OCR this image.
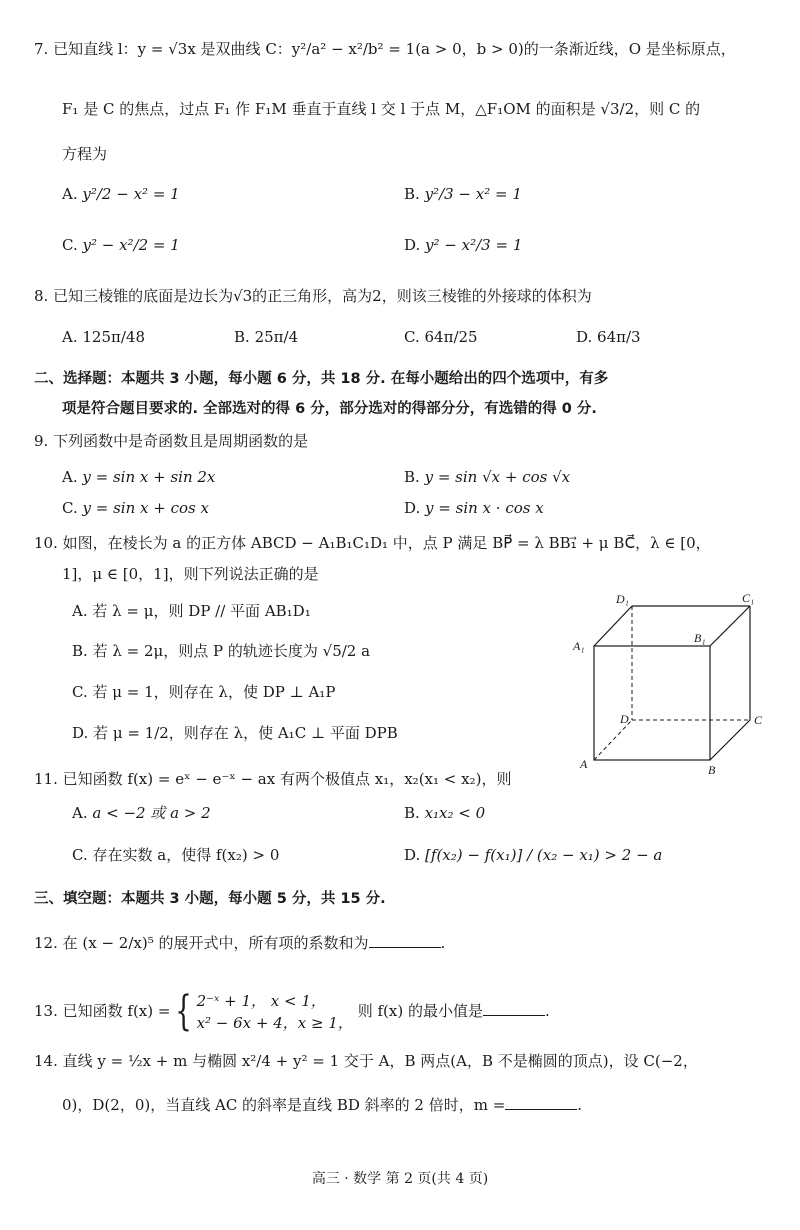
7. 已知直线 l：y = √3x 是双曲线 C：y²/a² − x²/b² = 1(a > 0，b > 0)的一条渐近线，O 是坐标原点，
F₁ 是 C 的焦点，过点 F₁ 作 F₁M 垂直于直线 l 交 l 于点 M，△F₁OM 的面积是 √3/2，则 C 的
方程为
A. y²/2 − x² = 1	B. y²/3 − x² = 1
C. y² − x²/2 = 1	D. y² − x²/3 = 1
8. 已知三棱锥的底面是边长为√3的正三角形，高为2，则该三棱锥的外接球的体积为
A. 125π/48	B. 25π/4	C. 64π/25	D. 64π/3
二、选择题：本题共 3 小题，每小题 6 分，共 18 分. 在每小题给出的四个选项中，有多
项是符合题目要求的. 全部选对的得 6 分，部分选对的得部分分，有选错的得 0 分.
9. 下列函数中是奇函数且是周期函数的是
A. y = sin x + sin 2x	B. y = sin √x + cos √x
C. y = sin x + cos x	D. y = sin x · cos x
10. 如图，在棱长为 a 的正方体 ABCD − A₁B₁C₁D₁ 中，点 P 满足 BP⃗ = λ BB₁⃗ + μ BC⃗，λ ∈ [0，
1]，μ ∈ [0，1]，则下列说法正确的是
A. 若 λ = μ，则 DP // 平面 AB₁D₁
B. 若 λ = 2μ，则点 P 的轨迹长度为 √5/2 a
C. 若 μ = 1，则存在 λ，使 DP ⊥ A₁P
D. 若 μ = 1/2，则存在 λ，使 A₁C ⊥ 平面 DPB
D₁	C₁
A₁
B₁
D	C
A	B
11. 已知函数 f(x) = eˣ − e⁻ˣ − ax 有两个极值点 x₁，x₂(x₁ < x₂)，则
A. a < −2 或 a > 2	B. x₁x₂ < 0
C. 存在实数 a，使得 f(x₂) > 0	D. [f(x₂) − f(x₁)] / (x₂ − x₁) > 2 − a
三、填空题：本题共 3 小题，每小题 5 分，共 15 分.
12. 在 (x − 2/x)⁵ 的展开式中，所有项的系数和为	.
13. 已知函数 f(x) = { 2⁻ˣ + 1， x < 1，
x² − 6x + 4，x ≥ 1，
则 f(x) 的最小值是	.
14. 直线 y = ½x + m 与椭圆 x²/4 + y² = 1 交于 A，B 两点(A，B 不是椭圆的顶点)，设 C(−2，
0)，D(2，0)，当直线 AC 的斜率是直线 BD 斜率的 2 倍时，m =	.
高三 · 数学 第 2 页(共 4 页)
